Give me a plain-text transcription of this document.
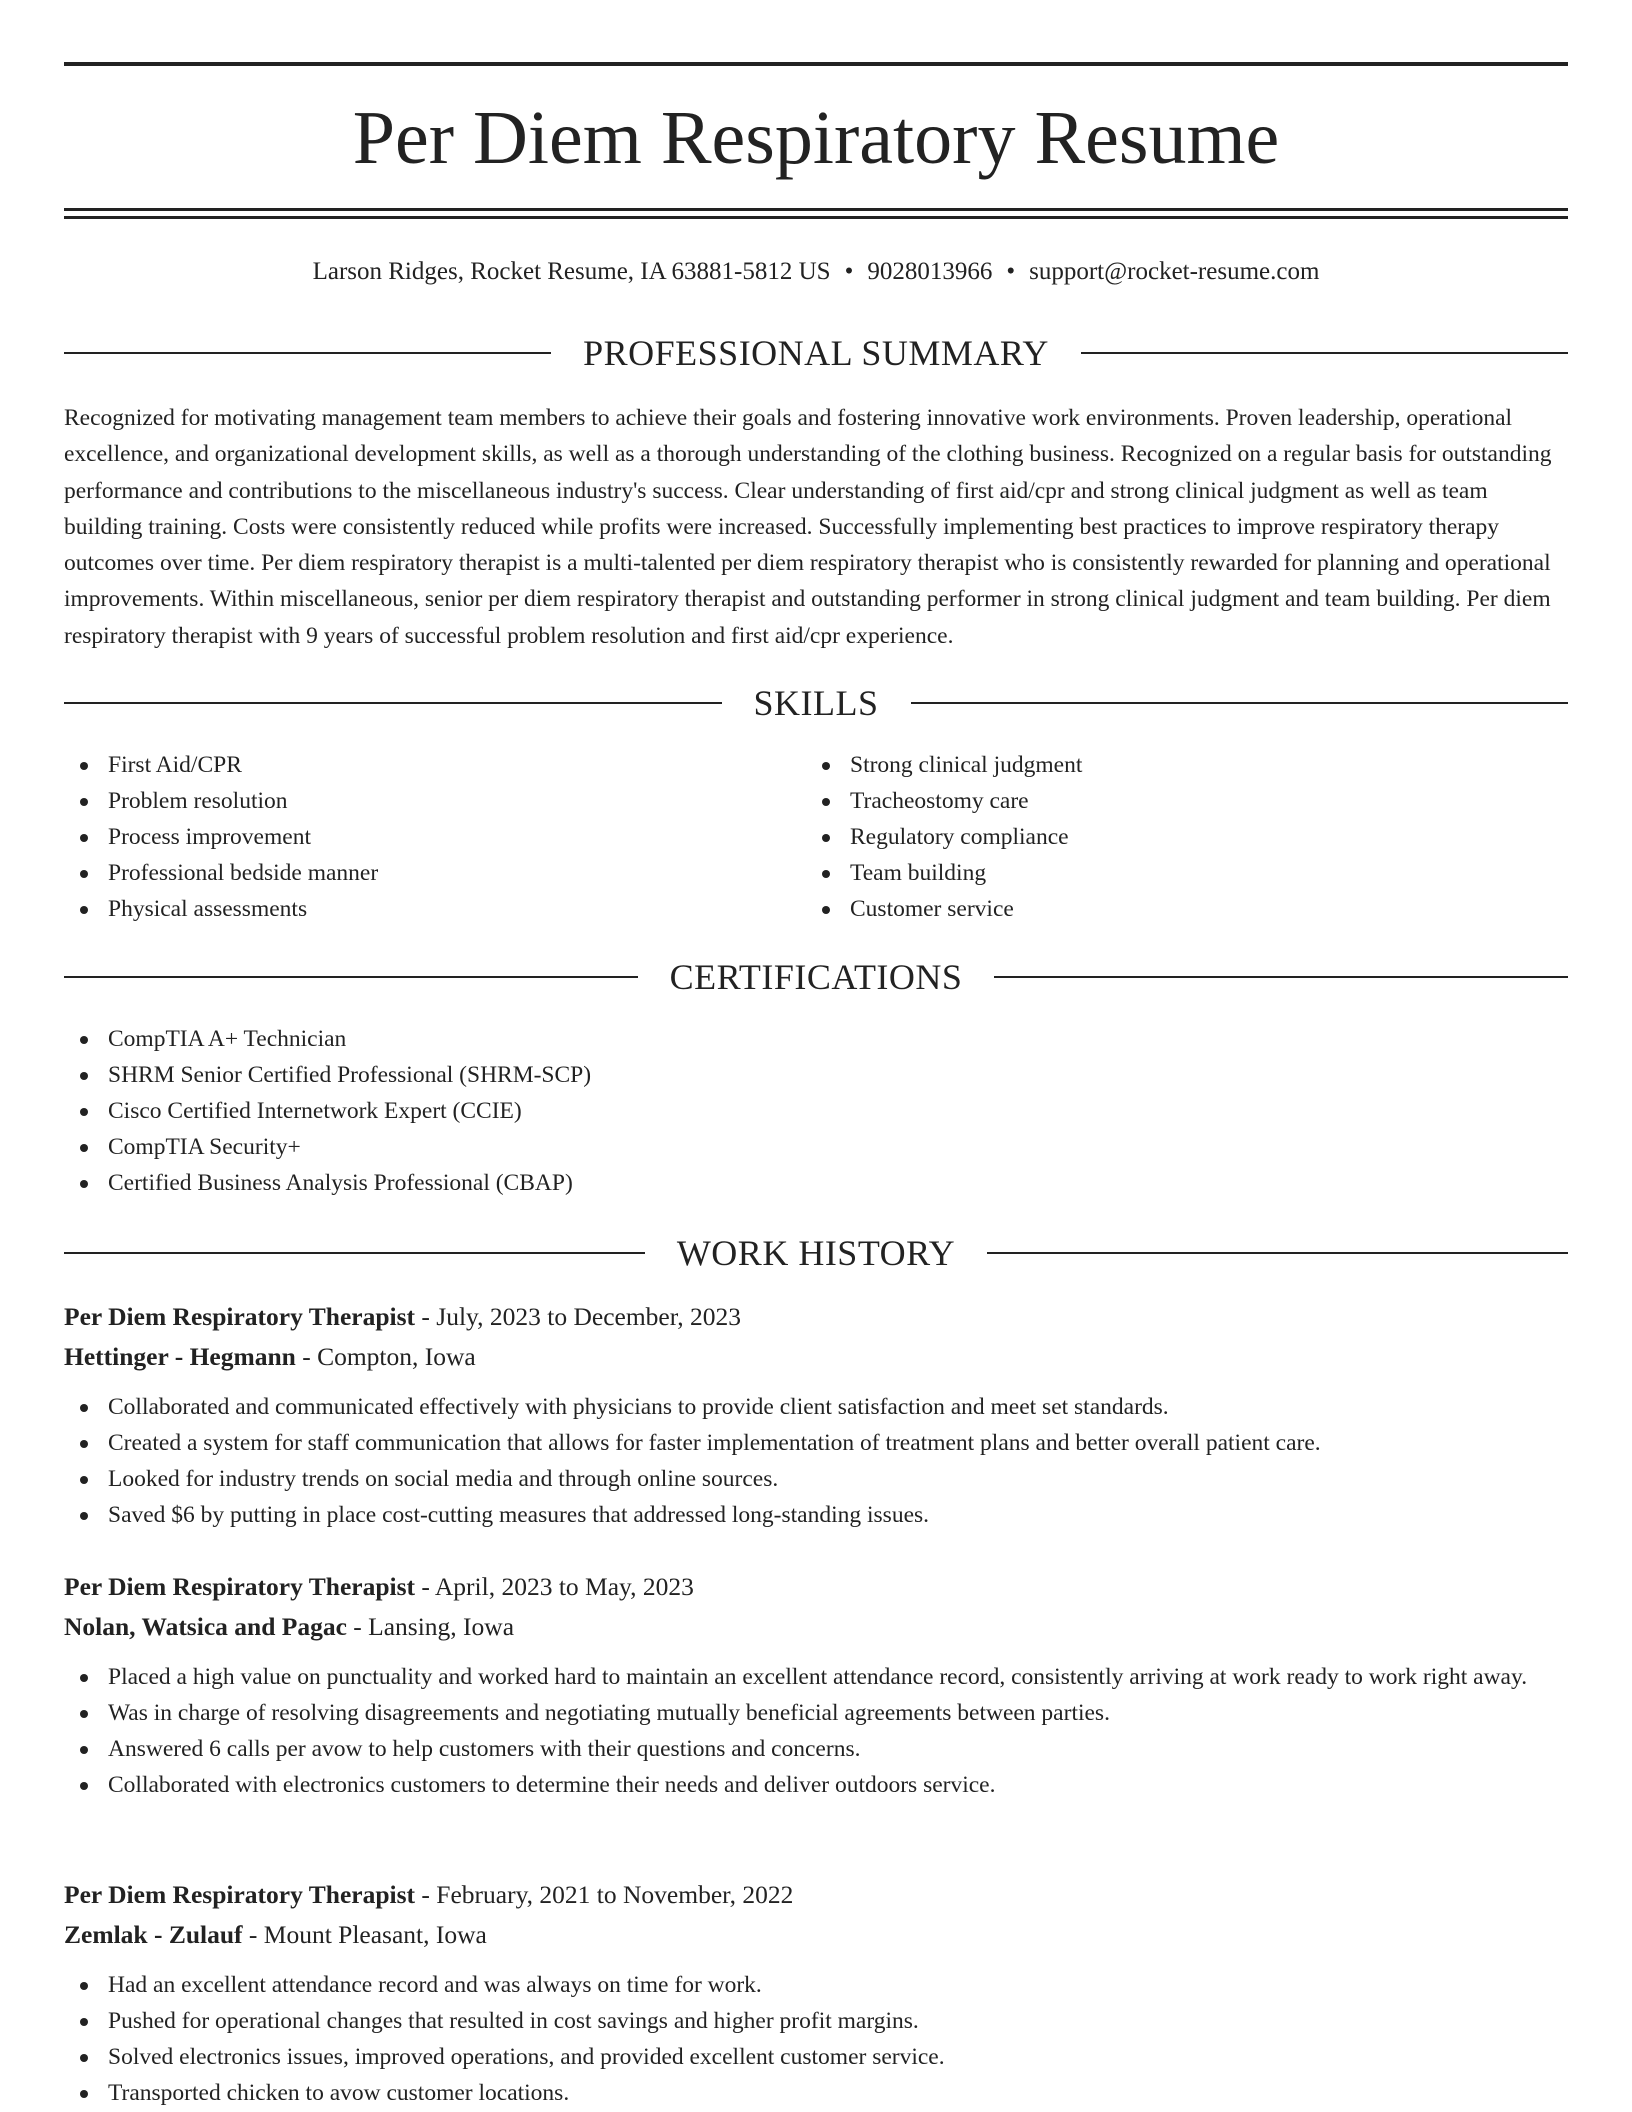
Per Diem Respiratory Resume
Larson Ridges, Rocket Resume, IA 63881-5812 US • 9028013966 • support@rocket-resume.com
PROFESSIONAL SUMMARY

Recognized for motivating management team members to achieve their goals and fostering innovative work environments. Proven leadership, operational excellence, and organizational development skills, as well as a thorough understanding of the clothing business. Recognized on a regular basis for outstanding performance and contributions to the miscellaneous industry's success. Clear understanding of first aid/cpr and strong clinical judgment as well as team building training. Costs were consistently reduced while profits were increased. Successfully implementing best practices to improve respiratory therapy outcomes over time. Per diem respiratory therapist is a multi-talented per diem respiratory therapist who is consistently rewarded for planning and operational improvements. Within miscellaneous, senior per diem respiratory therapist and outstanding performer in strong clinical judgment and team building. Per diem respiratory therapist with 9 years of successful problem resolution and first aid/cpr experience.

SKILLS
First Aid/CPR
Problem resolution
Process improvement
Professional bedside manner
Physical assessments
Strong clinical judgment
Tracheostomy care
Regulatory compliance
Team building
Customer service
CERTIFICATIONS
CompTIA A+ Technician
SHRM Senior Certified Professional (SHRM-SCP)
Cisco Certified Internetwork Expert (CCIE)
CompTIA Security+
Certified Business Analysis Professional (CBAP)
WORK HISTORY
Per Diem Respiratory Therapist - July, 2023 to December, 2023
Hettinger - Hegmann - Compton, Iowa
Collaborated and communicated effectively with physicians to provide client satisfaction and meet set standards.
Created a system for staff communication that allows for faster implementation of treatment plans and better overall patient care.
Looked for industry trends on social media and through online sources.
Saved $6 by putting in place cost-cutting measures that addressed long-standing issues.
Per Diem Respiratory Therapist - April, 2023 to May, 2023
Nolan, Watsica and Pagac - Lansing, Iowa
Placed a high value on punctuality and worked hard to maintain an excellent attendance record, consistently arriving at work ready to work right away.
Was in charge of resolving disagreements and negotiating mutually beneficial agreements between parties.
Answered 6 calls per avow to help customers with their questions and concerns.
Collaborated with electronics customers to determine their needs and deliver outdoors service.
Per Diem Respiratory Therapist - February, 2021 to November, 2022
Zemlak - Zulauf - Mount Pleasant, Iowa
Had an excellent attendance record and was always on time for work.
Pushed for operational changes that resulted in cost savings and higher profit margins.
Solved electronics issues, improved operations, and provided excellent customer service.
Transported chicken to avow customer locations.
